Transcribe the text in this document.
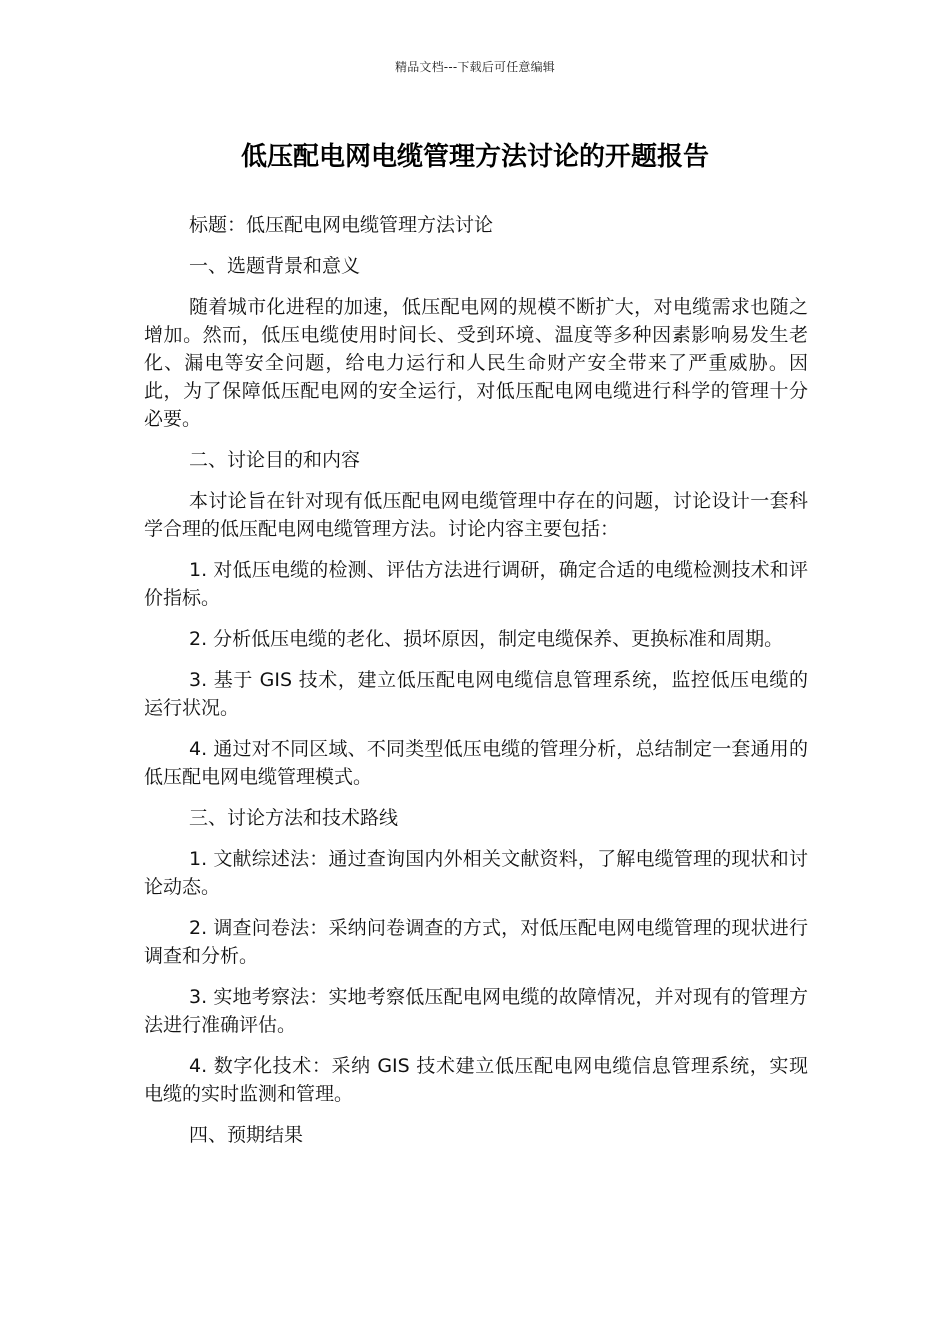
精品文档---下载后可任意编辑
低压配电网电缆管理方法讨论的开题报告

标题：低压配电网电缆管理方法讨论

一、选题背景和意义

随着城市化进程的加速，低压配电网的规模不断扩大，对电缆需求也随之增加。然而，低压电缆使用时间长、受到环境、温度等多种因素影响易发生老化、漏电等安全问题，给电力运行和人民生命财产安全带来了严重威胁。因此，为了保障低压配电网的安全运行，对低压配电网电缆进行科学的管理十分必要。

二、讨论目的和内容

本讨论旨在针对现有低压配电网电缆管理中存在的问题，讨论设计一套科学合理的低压配电网电缆管理方法。讨论内容主要包括：

1. 对低压电缆的检测、评估方法进行调研，确定合适的电缆检测技术和评价指标。

2. 分析低压电缆的老化、损坏原因，制定电缆保养、更换标准和周期。

3. 基于 GIS 技术，建立低压配电网电缆信息管理系统，监控低压电缆的运行状况。

4. 通过对不同区域、不同类型低压电缆的管理分析，总结制定一套通用的低压配电网电缆管理模式。

三、讨论方法和技术路线

1. 文献综述法：通过查询国内外相关文献资料，了解电缆管理的现状和讨论动态。

2. 调查问卷法：采纳问卷调查的方式，对低压配电网电缆管理的现状进行调查和分析。

3. 实地考察法：实地考察低压配电网电缆的故障情况，并对现有的管理方法进行准确评估。

4. 数字化技术：采纳 GIS 技术建立低压配电网电缆信息管理系统，实现电缆的实时监测和管理。

四、预期结果
